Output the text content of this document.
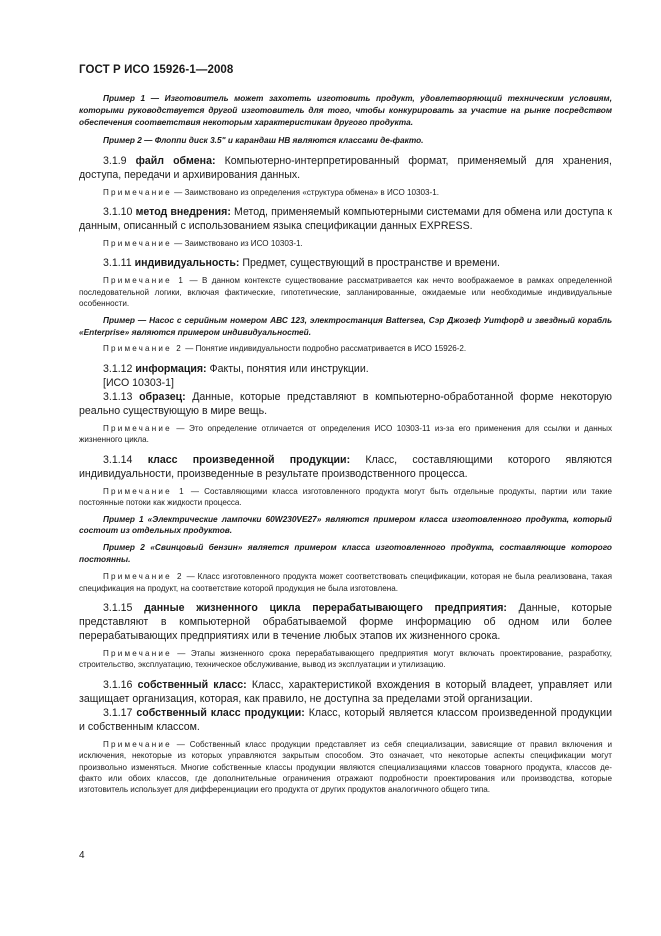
ГОСТ Р ИСО 15926-1—2008

Пример 1 — Изготовитель может захотеть изготовить продукт, удовлетворяющий техническим условиям, которыми руководствуется другой изготовитель для того, чтобы конкурировать за участие на рынке посредством обеспечения соответствия некоторым характеристикам другого продукта.

Пример 2 — Флоппи диск 3.5" и карандаш НВ являются классами де-факто.

3.1.9 файл обмена: Компьютерно-интерпретированный формат, применяемый для хранения, доступа, передачи и архивирования данных.

Примечание — Заимствовано из определения «структура обмена» в ИСО 10303-1.

3.1.10 метод внедрения: Метод, применяемый компьютерными системами для обмена или доступа к данным, описанный с использованием языка спецификации данных EXPRESS.

Примечание — Заимствовано из ИСО 10303-1.

3.1.11 индивидуальность: Предмет, существующий в пространстве и времени.

Примечание 1 — В данном контексте существование рассматривается как нечто воображаемое в рамках определенной последовательной логики, включая фактические, гипотетические, запланированные, ожидаемые или необходимые индивидуальные особенности.

Пример — Насос с серийным номером АВС 123, электростанция Battersea, Сэр Джозеф Уитфорд и звездный корабль «Enterprise» являются примером индивидуальностей.

Примечание 2 — Понятие индивидуальности подробно рассматривается в ИСО 15926-2.

3.1.12 информация: Факты, понятия или инструкции.

[ИСО 10303-1]

3.1.13 образец: Данные, которые представляют в компьютерно-обработанной форме некоторую реально существующую в мире вещь.

Примечание — Это определение отличается от определения ИСО 10303-11 из-за его применения для ссылки и данных жизненного цикла.

3.1.14 класс произведенной продукции: Класс, составляющими которого являются индивидуальности, произведенные в результате производственного процесса.

Примечание 1 — Составляющими класса изготовленного продукта могут быть отдельные продукты, партии или такие постоянные потоки как жидкости процесса.

Пример 1 «Электрические лампочки 60W230VE27» являются примером класса изготовленного продукта, который состоит из отдельных продуктов.

Пример 2 «Свинцовый бензин» является примером класса изготовленного продукта, составляющие которого постоянны.

Примечание 2 — Класс изготовленного продукта может соответствовать спецификации, которая не была реализована, такая спецификация на продукт, на соответствие которой продукция не была изготовлена.

3.1.15 данные жизненного цикла перерабатывающего предприятия: Данные, которые представляют в компьютерной обрабатываемой форме информацию об одном или более перерабатывающих предприятиях или в течение любых этапов их жизненного срока.

Примечание — Этапы жизненного срока перерабатывающего предприятия могут включать проектирование, разработку, строительство, эксплуатацию, техническое обслуживание, вывод из эксплуатации и утилизацию.

3.1.16 собственный класс: Класс, характеристикой вхождения в который владеет, управляет или защищает организация, которая, как правило, не доступна за пределами этой организации.

3.1.17 собственный класс продукции: Класс, который является классом произведенной продукции и собственным классом.

Примечание — Собственный класс продукции представляет из себя специализации, зависящие от правил включения и исключения, некоторые из которых управляются закрытым способом. Это означает, что некоторые аспекты спецификации могут произвольно изменяться. Многие собственные классы продукции являются специализациями классов товарного продукта, классов де-факто или обоих классов, где дополнительные ограничения отражают подробности проектирования или производства, которые изготовитель использует для дифференциации его продукта от других продуктов аналогичного общего типа.

4
